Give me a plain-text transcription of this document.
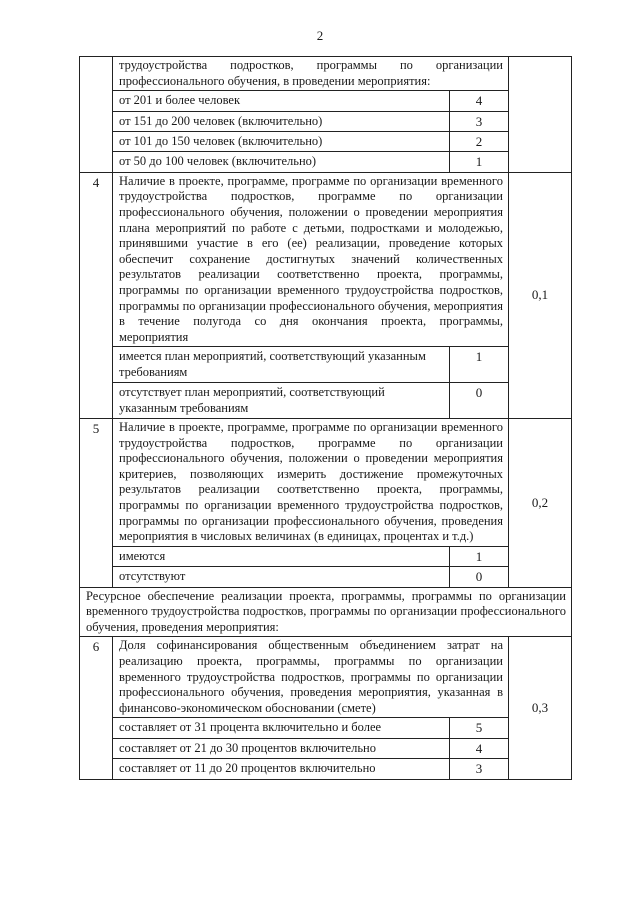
2
трудоустройства подростков, программы по организации профессионального обучения, в проведении мероприятия:
от 201 и более человек	4
от 151 до 200 человек (включительно)	3
от 101 до 150 человек (включительно)	2
от 50 до 100 человек (включительно)	1
4	Наличие в проекте, программе, программе по организации временного трудоустройства подростков, программе по организации профессионального обучения, положении о проведении мероприятия плана мероприятий по работе с детьми, подростками и молодежью, принявшими участие в его (ее) реализации, проведение которых обеспечит сохранение достигнутых значений количественных результатов реализации соответственно проекта, программы, программы по организации временного трудоустройства подростков, программы по организации профессионального обучения, мероприятия в течение полугода со дня окончания проекта, программы, мероприятия
имеется план мероприятий, соответствующий указанным требованиям
1
отсутствует план мероприятий, соответствующий указанным требованиям
0
0,1
5	Наличие в проекте, программе, программе по организации временного трудоустройства подростков, программе по организации профессионального обучения, положении о проведении мероприятия критериев, позволяющих измерить достижение промежуточных результатов реализации соответственно проекта, программы, программы по организации временного трудоустройства подростков, программы по организации профессионального обучения, проведения мероприятия в числовых величинах (в единицах, процентах и т.д.)
имеются	1
отсутствуют	0
0,2
Ресурсное обеспечение реализации проекта, программы, программы по организации временного трудоустройства подростков, программы по организации профессионального обучения, проведения мероприятия:
6	Доля софинансирования общественным объединением затрат на реализацию проекта, программы, программы по организации временного трудоустройства подростков, программы по организации профессионального обучения, проведения мероприятия, указанная в финансово-экономическом обосновании (смете)
составляет от 31 процента включительно и более	5
составляет от 21 до 30 процентов включительно	4
составляет от 11 до 20 процентов включительно	3
0,3
